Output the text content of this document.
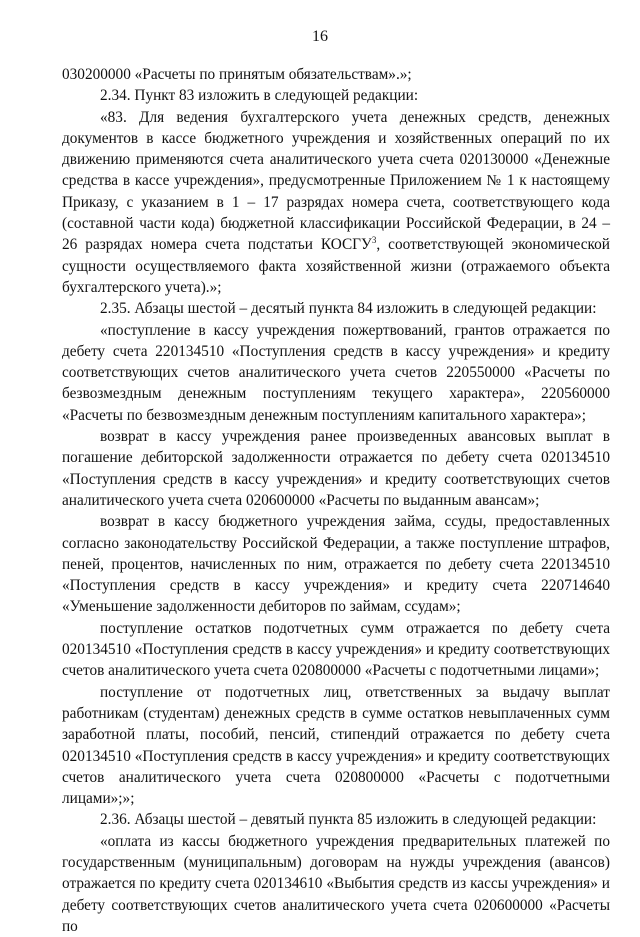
16

030200000 «Расчеты по принятым обязательствам».»;

2.34. Пункт 83 изложить в следующей редакции:

«83. Для ведения бухгалтерского учета денежных средств, денежных документов в кассе бюджетного учреждения и хозяйственных операций по их движению применяются счета аналитического учета счета 020130000 «Денежные средства в кассе учреждения», предусмотренные Приложением № 1 к настоящему Приказу, с указанием в 1 – 17 разрядах номера счета, соответствующего кода (составной части кода) бюджетной классификации Российской Федерации, в 24 – 26 разрядах номера счета подстатьи КОСГУ$^3$, соответствующей экономической сущности осуществляемого факта хозяйственной жизни (отражаемого объекта бухгалтерского учета).»;

2.35. Абзацы шестой – десятый пункта 84 изложить в следующей редакции:

«поступление в кассу учреждения пожертвований, грантов отражается по дебету счета 220134510 «Поступления средств в кассу учреждения» и кредиту соответствующих счетов аналитического учета счетов 220550000 «Расчеты по безвозмездным денежным поступлениям текущего характера», 220560000 «Расчеты по безвозмездным денежным поступлениям капитального характера»;

возврат в кассу учреждения ранее произведенных авансовых выплат в погашение дебиторской задолженности отражается по дебету счета 020134510 «Поступления средств в кассу учреждения» и кредиту соответствующих счетов аналитического учета счета 020600000 «Расчеты по выданным авансам»;

возврат в кассу бюджетного учреждения займа, ссуды, предоставленных согласно законодательству Российской Федерации, а также поступление штрафов, пеней, процентов, начисленных по ним, отражается по дебету счета 220134510 «Поступления средств в кассу учреждения» и кредиту счета 220714640 «Уменьшение задолженности дебиторов по займам, ссудам»;

поступление остатков подотчетных сумм отражается по дебету счета 020134510 «Поступления средств в кассу учреждения» и кредиту соответствующих счетов аналитического учета счета 020800000 «Расчеты с подотчетными лицами»;

поступление от подотчетных лиц, ответственных за выдачу выплат работникам (студентам) денежных средств в сумме остатков невыплаченных сумм заработной платы, пособий, пенсий, стипендий отражается по дебету счета 020134510 «Поступления средств в кассу учреждения» и кредиту соответствующих счетов аналитического учета счета 020800000 «Расчеты с подотчетными лицами»;»;

2.36. Абзацы шестой – девятый пункта 85 изложить в следующей редакции:

«оплата из кассы бюджетного учреждения предварительных платежей по государственным (муниципальным) договорам на нужды учреждения (авансов) отражается по кредиту счета 020134610 «Выбытия средств из кассы учреждения» и дебету соответствующих счетов аналитического учета счета 020600000 «Расчеты по
